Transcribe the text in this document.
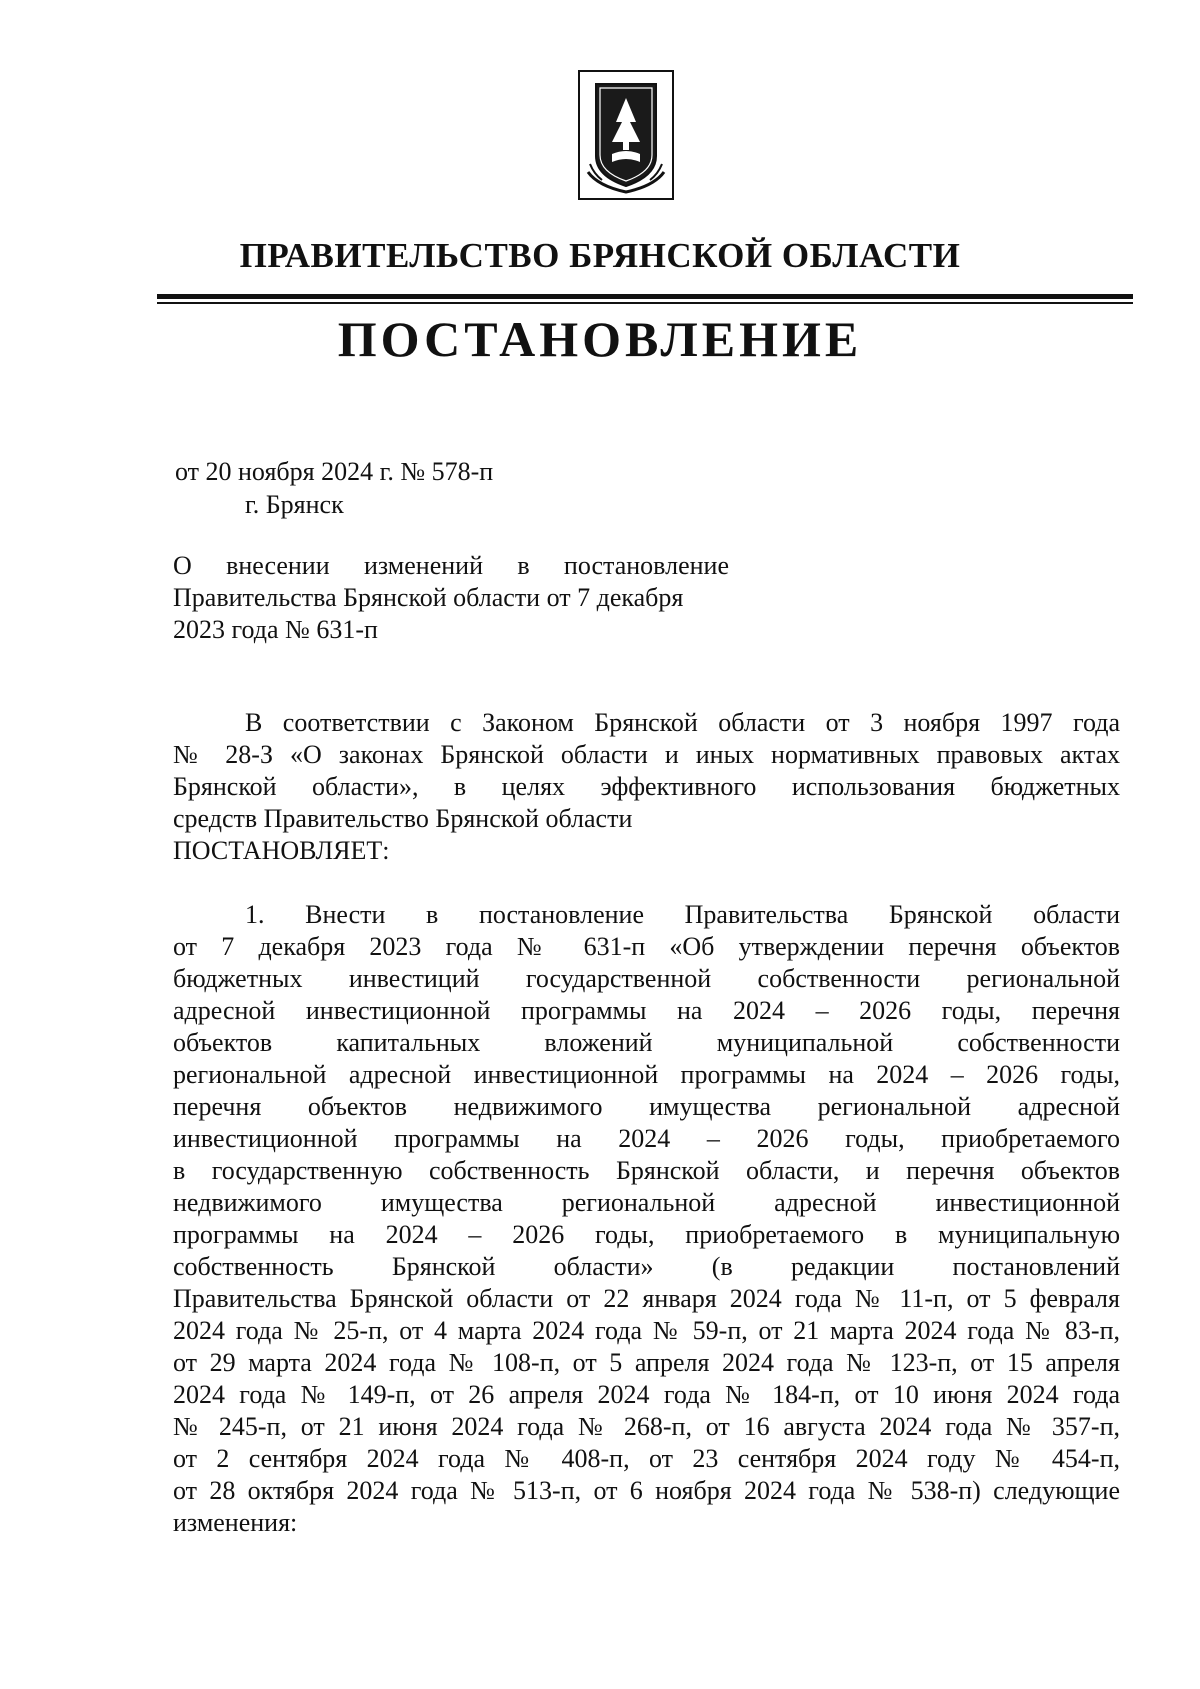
ПРАВИТЕЛЬСТВО БРЯНСКОЙ ОБЛАСТИ
ПОСТАНОВЛЕНИЕ
от 20 ноября 2024 г. № 578-п
г. Брянск
О внесении изменений в постановление
Правительства Брянской области от 7 декабря
2023 года № 631-п
В соответствии с Законом Брянской области от 3 ноября 1997 года
№ 28-З «О законах Брянской области и иных нормативных правовых актах
Брянской области», в целях эффективного использования бюджетных
средств Правительство Брянской области
ПОСТАНОВЛЯЕТ:
1. Внести в постановление Правительства Брянской области
от 7 декабря 2023 года № 631-п «Об утверждении перечня объектов
бюджетных инвестиций государственной собственности региональной
адресной инвестиционной программы на 2024 – 2026 годы, перечня
объектов капитальных вложений муниципальной собственности
региональной адресной инвестиционной программы на 2024 – 2026 годы,
перечня объектов недвижимого имущества региональной адресной
инвестиционной программы на 2024 – 2026 годы, приобретаемого
в государственную собственность Брянской области, и перечня объектов
недвижимого имущества региональной адресной инвестиционной
программы на 2024 – 2026 годы, приобретаемого в муниципальную
собственность Брянской области» (в редакции постановлений
Правительства Брянской области от 22 января 2024 года № 11-п, от 5 февраля
2024 года № 25-п, от 4 марта 2024 года № 59-п, от 21 марта 2024 года № 83-п,
от 29 марта 2024 года № 108-п, от 5 апреля 2024 года № 123-п, от 15 апреля
2024 года № 149-п, от 26 апреля 2024 года № 184-п, от 10 июня 2024 года
№ 245-п, от 21 июня 2024 года № 268-п, от 16 августа 2024 года № 357-п,
от 2 сентября 2024 года № 408-п, от 23 сентября 2024 году № 454-п,
от 28 октября 2024 года № 513-п, от 6 ноября 2024 года № 538-п) следующие
изменения:
